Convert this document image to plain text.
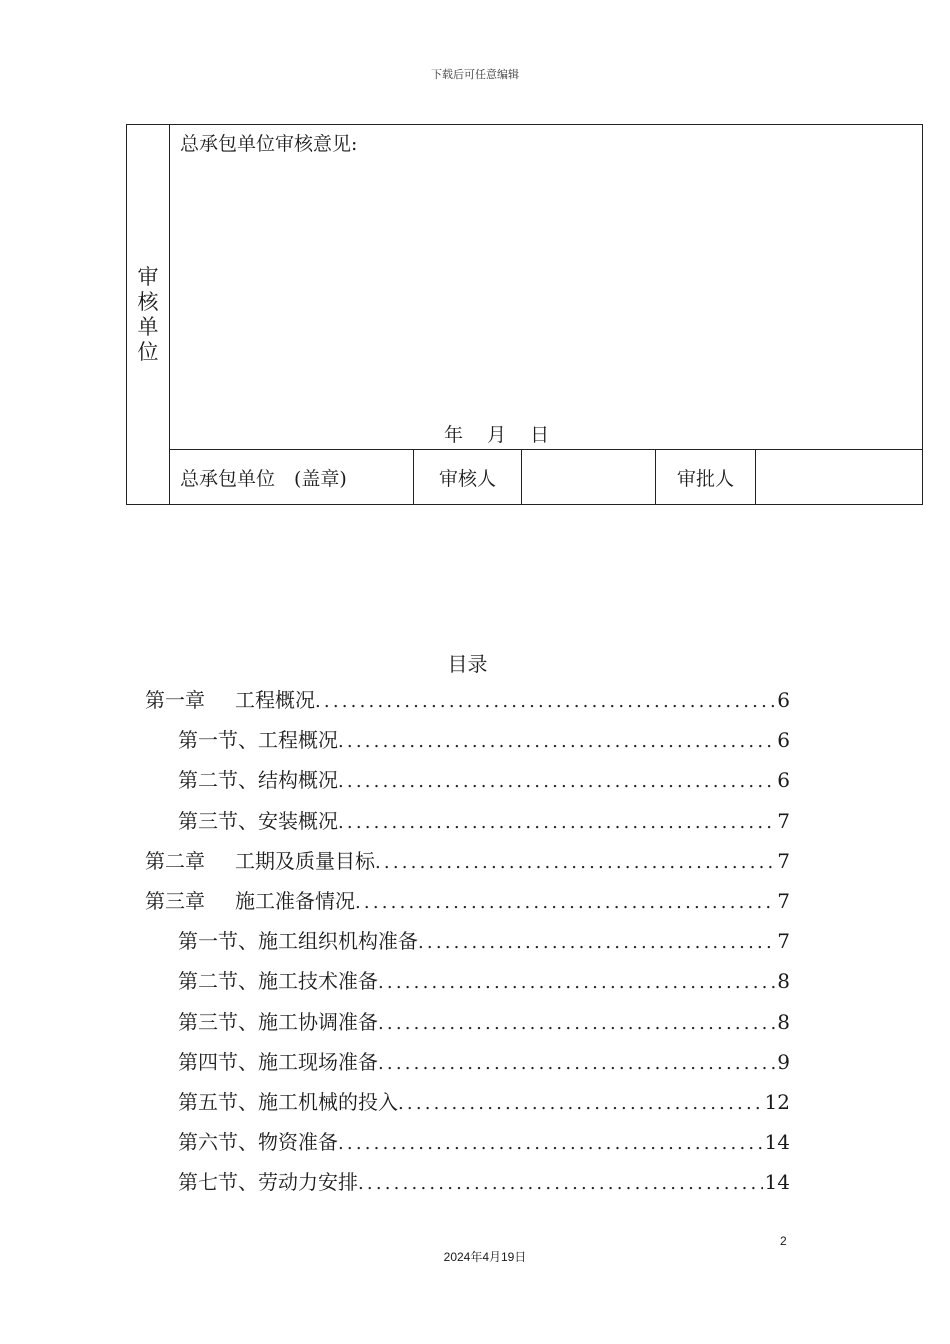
下载后可任意编辑
审核单位	总承包单位审核意见:
年 月 日				

	总承包单位　(盖章)	审核人		审批人	
目录
第一章 工程概况 .....	6
第一节、工程概况 .....	6
第二节、结构概况 .....	6
第三节、安装概况 .....	7
第二章 工期及质量目标 .....	7
第三章 施工准备情况 .....	7
第一节、施工组织机构准备 .....	7
第二节、施工技术准备 .....	8
第三节、施工协调准备 .....	8
第四节、施工现场准备 .....	9
第五节、施工机械的投入 .....	12
第六节、物资准备 .....	14
第七节、劳动力安排 .....	14
2
2024年4月19日
